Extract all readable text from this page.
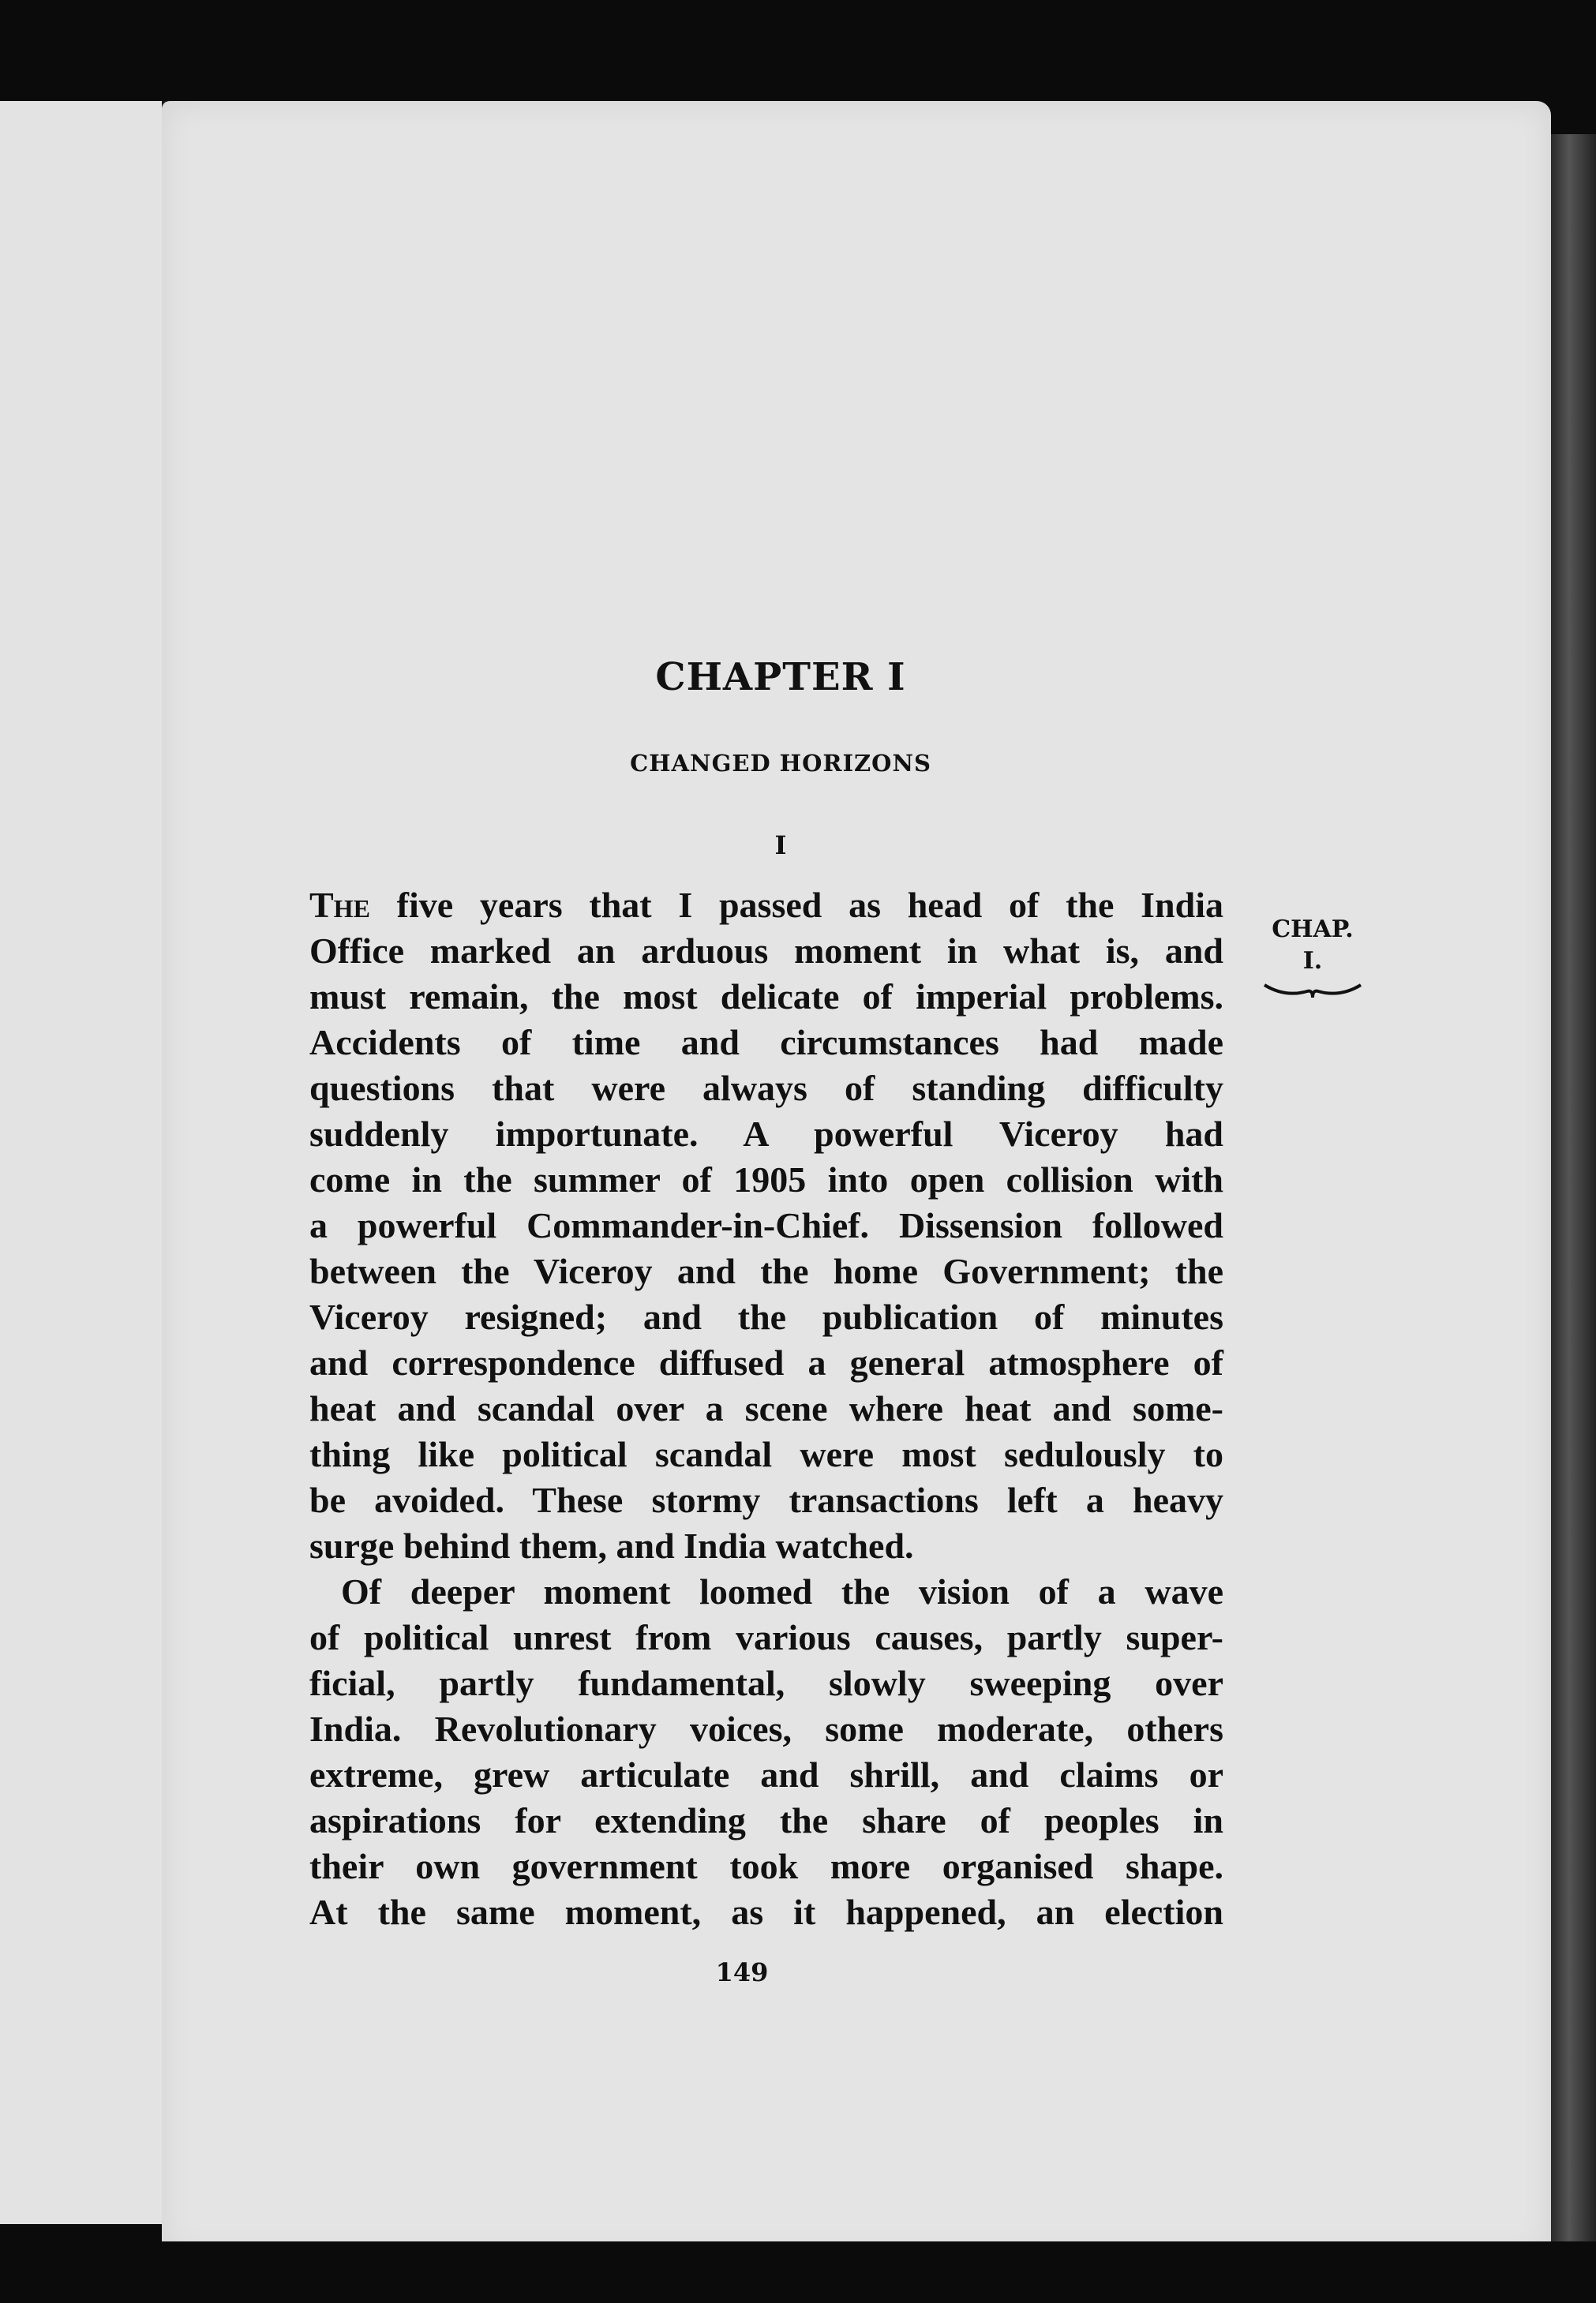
CHAPTER I
CHANGED HORIZONS
I
CHAP.
I.
The five years that I passed as head of the India
Office marked an arduous moment in what is, and
must remain, the most delicate of imperial problems.
Accidents of time and circumstances had made
questions that were always of standing difficulty
suddenly importunate. A powerful Viceroy had
come in the summer of 1905 into open collision with
a powerful Commander-in-Chief. Dissension followed
between the Viceroy and the home Government; the
Viceroy resigned; and the publication of minutes
and correspondence diffused a general atmosphere of
heat and scandal over a scene where heat and some-
thing like political scandal were most sedulously to
be avoided. These stormy transactions left a heavy
surge behind them, and India watched.
Of deeper moment loomed the vision of a wave
of political unrest from various causes, partly super-
ficial, partly fundamental, slowly sweeping over
India. Revolutionary voices, some moderate, others
extreme, grew articulate and shrill, and claims or
aspirations for extending the share of peoples in
their own government took more organised shape.
At the same moment, as it happened, an election
149
